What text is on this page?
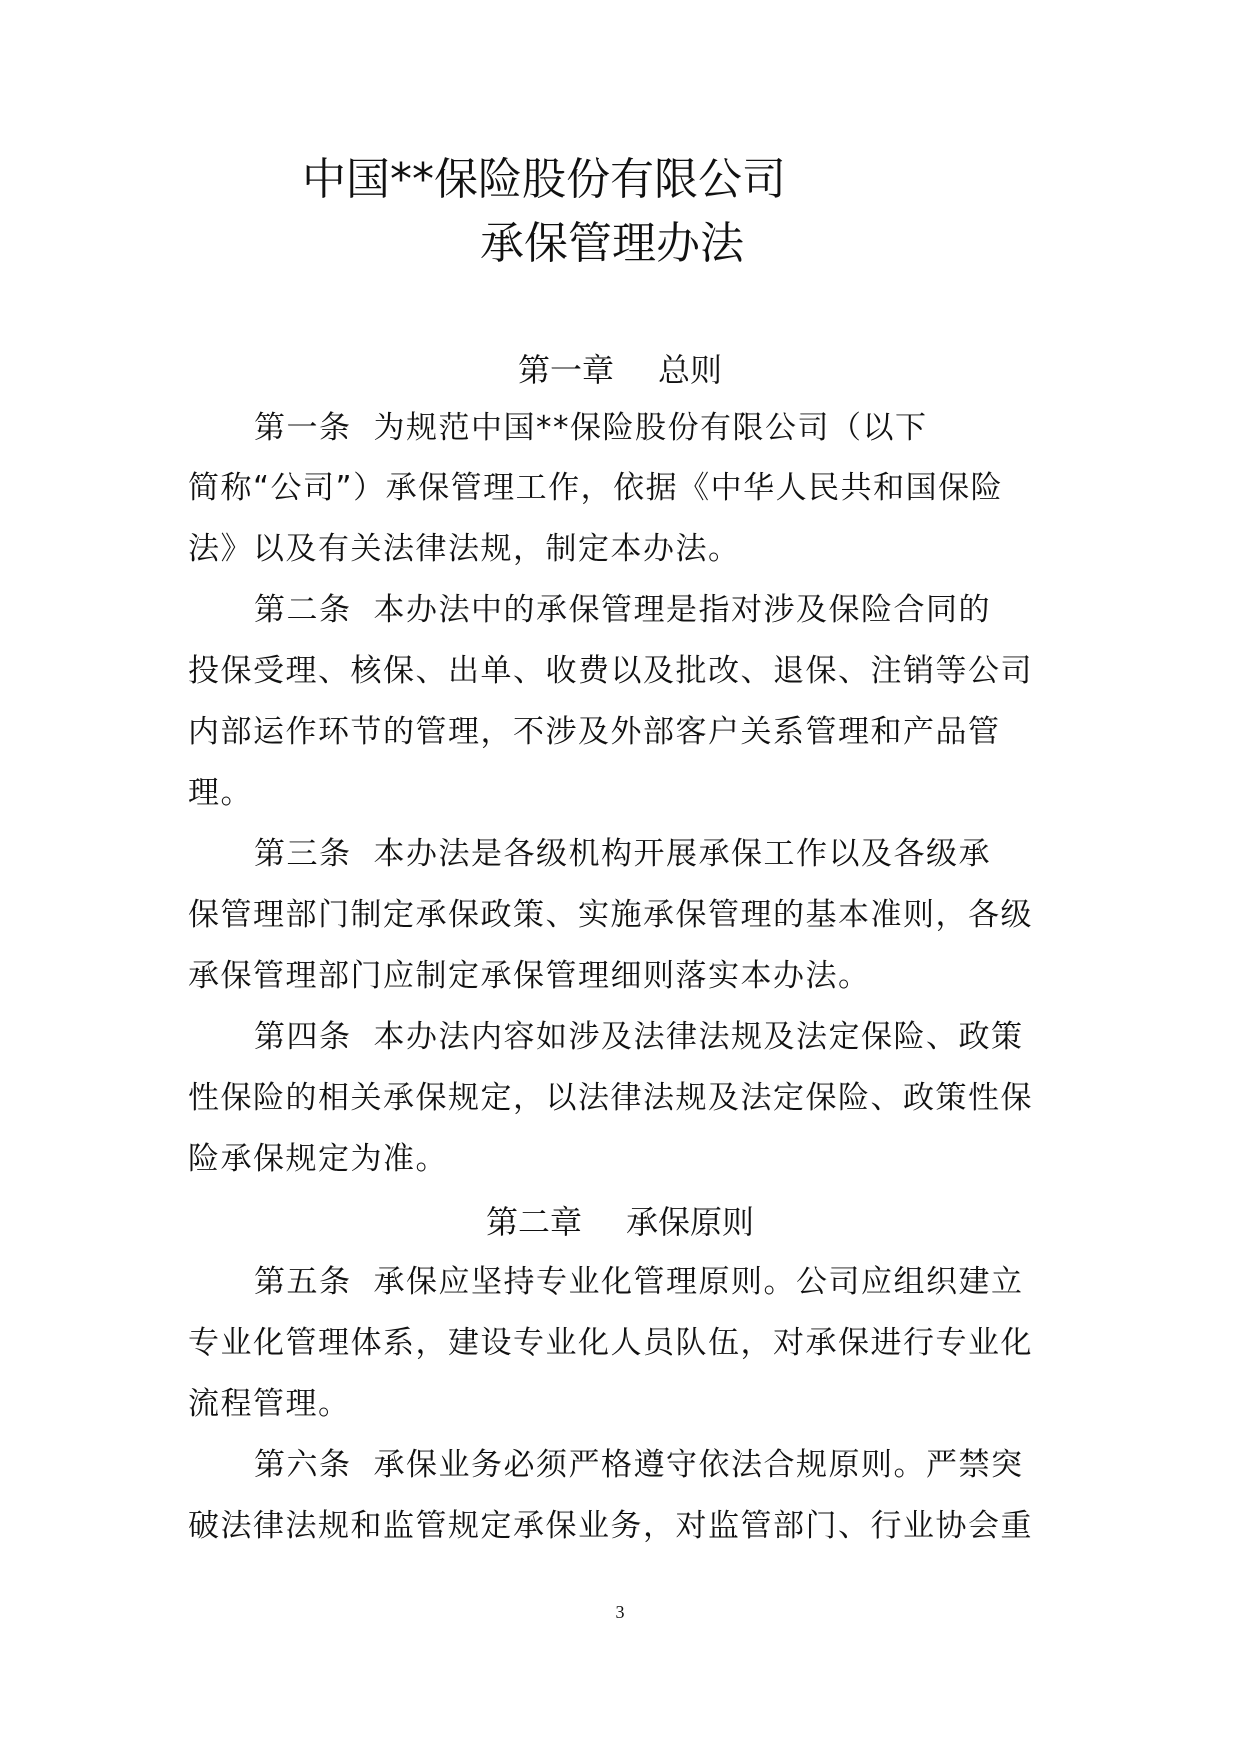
中国**保险股份有限公司
承保管理办法
第一章 总则
第一条 为规范中国**保险股份有限公司（以下
简称“公司”）承保管理工作，依据《中华人民共和国保险
法》以及有关法律法规，制定本办法。
第二条 本办法中的承保管理是指对涉及保险合同的
投保受理、核保、出单、收费以及批改、退保、注销等公司
内部运作环节的管理，不涉及外部客户关系管理和产品管
理。
第三条 本办法是各级机构开展承保工作以及各级承
保管理部门制定承保政策、实施承保管理的基本准则，各级
承保管理部门应制定承保管理细则落实本办法。
第四条 本办法内容如涉及法律法规及法定保险、政策
性保险的相关承保规定，以法律法规及法定保险、政策性保
险承保规定为准。
第二章 承保原则
第五条 承保应坚持专业化管理原则。公司应组织建立
专业化管理体系，建设专业化人员队伍，对承保进行专业化
流程管理。
第六条 承保业务必须严格遵守依法合规原则。严禁突
破法律法规和监管规定承保业务，对监管部门、行业协会重
3
